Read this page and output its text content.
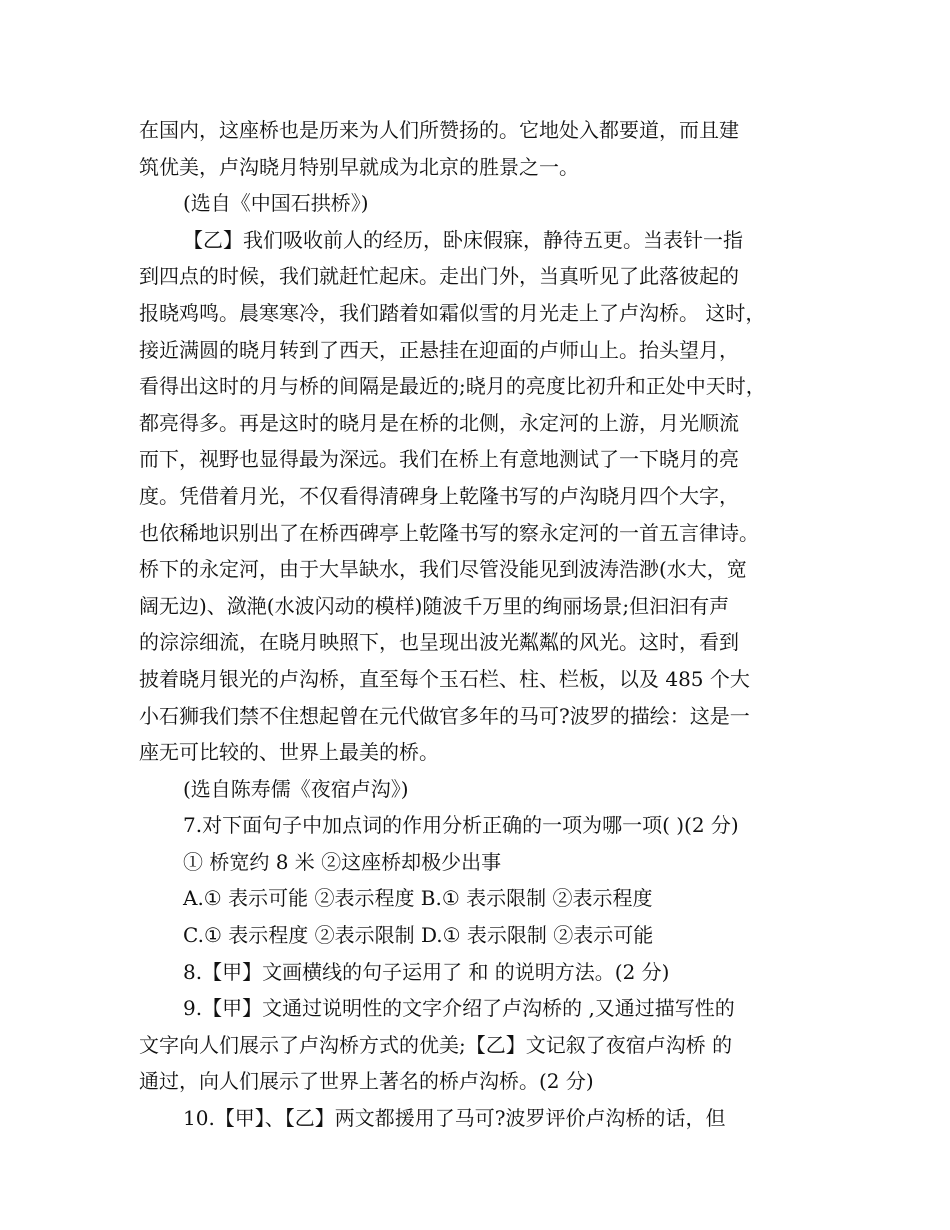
在国内，这座桥也是历来为人们所赞扬的。它地处入都要道，而且建
筑优美，卢沟晓月特别早就成为北京的胜景之一。
(选自《中国石拱桥》)
【乙】我们吸收前人的经历，卧床假寐，静待五更。当表针一指
到四点的时候，我们就赶忙起床。走出门外，当真听见了此落彼起的
报晓鸡鸣。晨寒寒冷，我们踏着如霜似雪的月光走上了卢沟桥。 这时，
接近满圆的晓月转到了西天，正悬挂在迎面的卢师山上。抬头望月，
看得出这时的月与桥的间隔是最近的;晓月的亮度比初升和正处中天时，
都亮得多。再是这时的晓月是在桥的北侧，永定河的上游，月光顺流
而下，视野也显得最为深远。我们在桥上有意地测试了一下晓月的亮
度。凭借着月光，不仅看得清碑身上乾隆书写的卢沟晓月四个大字，
也依稀地识别出了在桥西碑亭上乾隆书写的察永定河的一首五言律诗。
桥下的永定河，由于大旱缺水，我们尽管没能见到波涛浩渺(水大，宽
阔无边)、潋滟(水波闪动的模样)随波千万里的绚丽场景;但汩汩有声
的淙淙细流，在晓月映照下，也呈现出波光粼粼的风光。这时，看到
披着晓月银光的卢沟桥，直至每个玉石栏、柱、栏板，以及 485 个大
小石狮我们禁不住想起曾在元代做官多年的马可?波罗的描绘：这是一
座无可比较的、世界上最美的桥。
(选自陈寿儒《夜宿卢沟》)
7.对下面句子中加点词的作用分析正确的一项为哪一项( )(2 分)
① 桥宽约 8 米 ②这座桥却极少出事
A.① 表示可能 ②表示程度 B.① 表示限制 ②表示程度
C.① 表示程度 ②表示限制 D.① 表示限制 ②表示可能
8.【甲】文画横线的句子运用了 和 的说明方法。(2 分)
9.【甲】文通过说明性的文字介绍了卢沟桥的 ,又通过描写性的
文字向人们展示了卢沟桥方式的优美;【乙】文记叙了夜宿卢沟桥 的
通过，向人们展示了世界上著名的桥卢沟桥。(2 分)
10.【甲】、【乙】两文都援用了马可?波罗评价卢沟桥的话，但
